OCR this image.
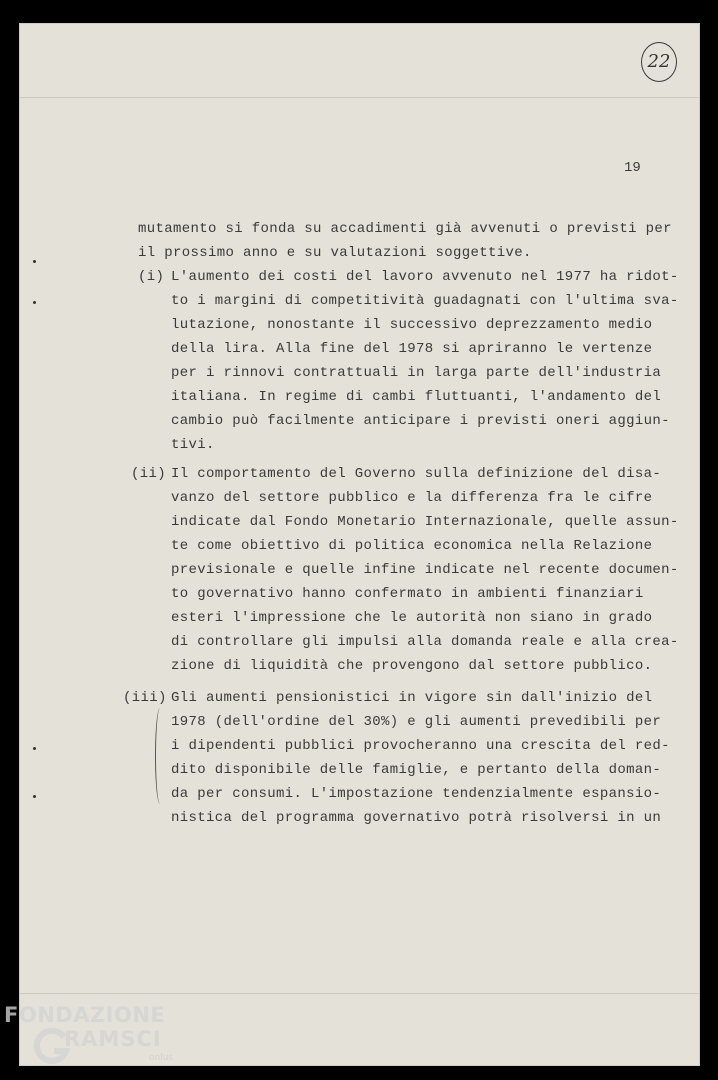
22
19
mutamento si fonda su accadimenti già avvenuti o previsti per
il prossimo anno e su valutazioni soggettive.
(i) L'aumento dei costi del lavoro avvenuto nel 1977 ha ridot-
to i margini di competitività guadagnati con l'ultima sva-
lutazione, nonostante il successivo deprezzamento medio
della lira. Alla fine del 1978 si apriranno le vertenze
per i rinnovi contrattuali in larga parte dell'industria
italiana. In regime di cambi fluttuanti, l'andamento del
cambio può facilmente anticipare i previsti oneri aggiun-
tivi.
(ii) Il comportamento del Governo sulla definizione del disa-
vanzo del settore pubblico e la differenza fra le cifre
indicate dal Fondo Monetario Internazionale, quelle assun-
te come obiettivo di politica economica nella Relazione
previsionale e quelle infine indicate nel recente documen-
to governativo hanno confermato in ambienti finanziari
esteri l'impressione che le autorità non siano in grado
di controllare gli impulsi alla domanda reale e alla crea-
zione di liquidità che provengono dal settore pubblico.
(iii) Gli aumenti pensionistici in vigore sin dall'inizio del
1978 (dell'ordine del 30%) e gli aumenti prevedibili per
i dipendenti pubblici provocheranno una crescita del red-
dito disponibile delle famiglie, e pertanto della doman-
da per consumi. L'impostazione tendenzialmente espansio-
nistica del programma governativo potrà risolversi in un
FONDAZIONE
RAMSCI
onlus
